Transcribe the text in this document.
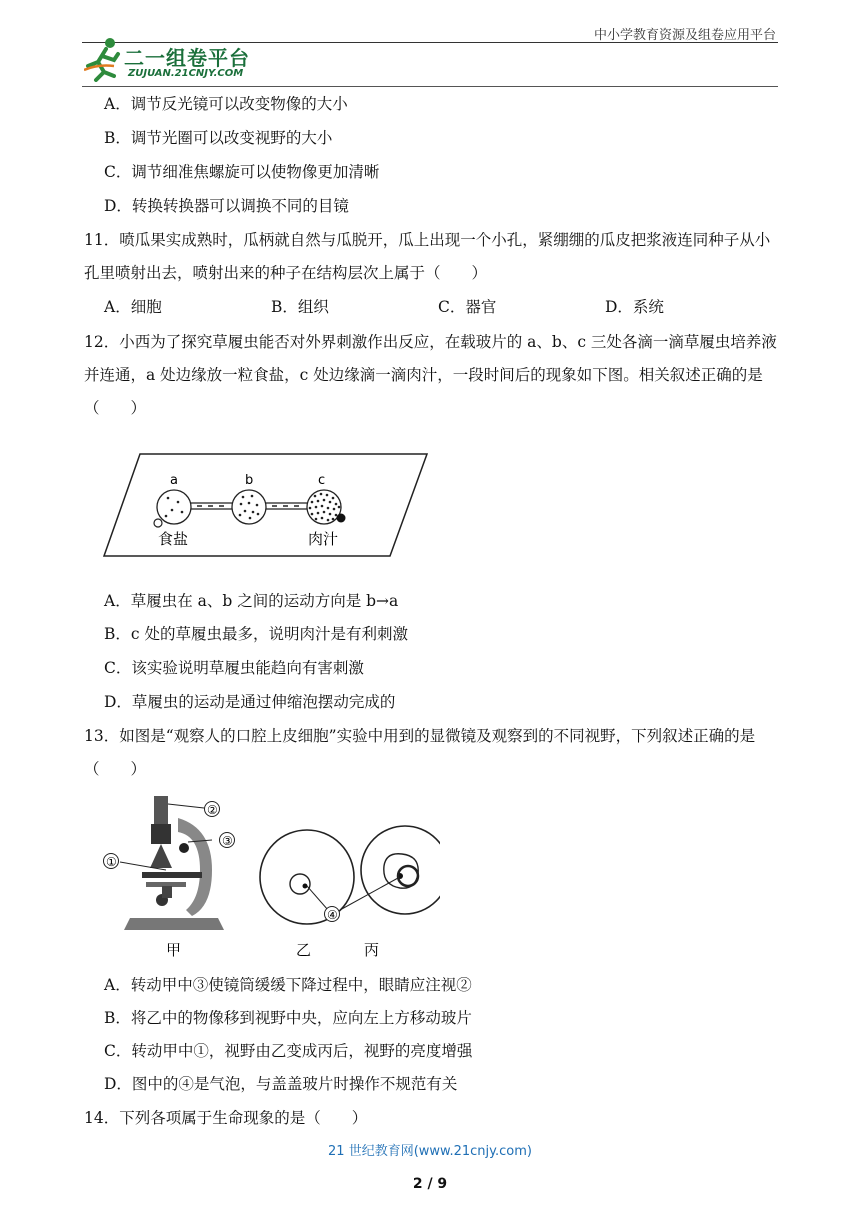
中小学教育资源及组卷应用平台
二一组卷平台
ZUJUAN.21CNJY.COM
A．调节反光镜可以改变物像的大小
B．调节光圈可以改变视野的大小
C．调节细准焦螺旋可以使物像更加清晰
D．转换转换器可以调换不同的目镜
11．喷瓜果实成熟时，瓜柄就自然与瓜脱开，瓜上出现一个小孔，紧绷绷的瓜皮把浆液连同种子从小
孔里喷射出去，喷射出来的种子在结构层次上属于（　　）
A．细胞	B．组织	C．器官	D．系统
12．小西为了探究草履虫能否对外界刺激作出反应，在载玻片的 a、b、c 三处各滴一滴草履虫培养液
并连通，a 处边缘放一粒食盐，c 处边缘滴一滴肉汁，一段时间后的现象如下图。相关叙述正确的是
（　　）
a	b	c
食盐	肉汁
A．草履虫在 a、b 之间的运动方向是 b→a
B．c 处的草履虫最多，说明肉汁是有利刺激
C．该实验说明草履虫能趋向有害刺激
D．草履虫的运动是通过伸缩泡摆动完成的
13．如图是“观察人的口腔上皮细胞”实验中用到的显微镜及观察到的不同视野，下列叙述正确的是
（　　）
②
③
①
④
甲	乙	丙
A．转动甲中③使镜筒缓缓下降过程中，眼睛应注视②
B．将乙中的物像移到视野中央，应向左上方移动玻片
C．转动甲中①，视野由乙变成丙后，视野的亮度增强
D．图中的④是气泡，与盖盖玻片时操作不规范有关
14．下列各项属于生命现象的是（　　）
21 世纪教育网(www.21cnjy.com)
2 / 9
